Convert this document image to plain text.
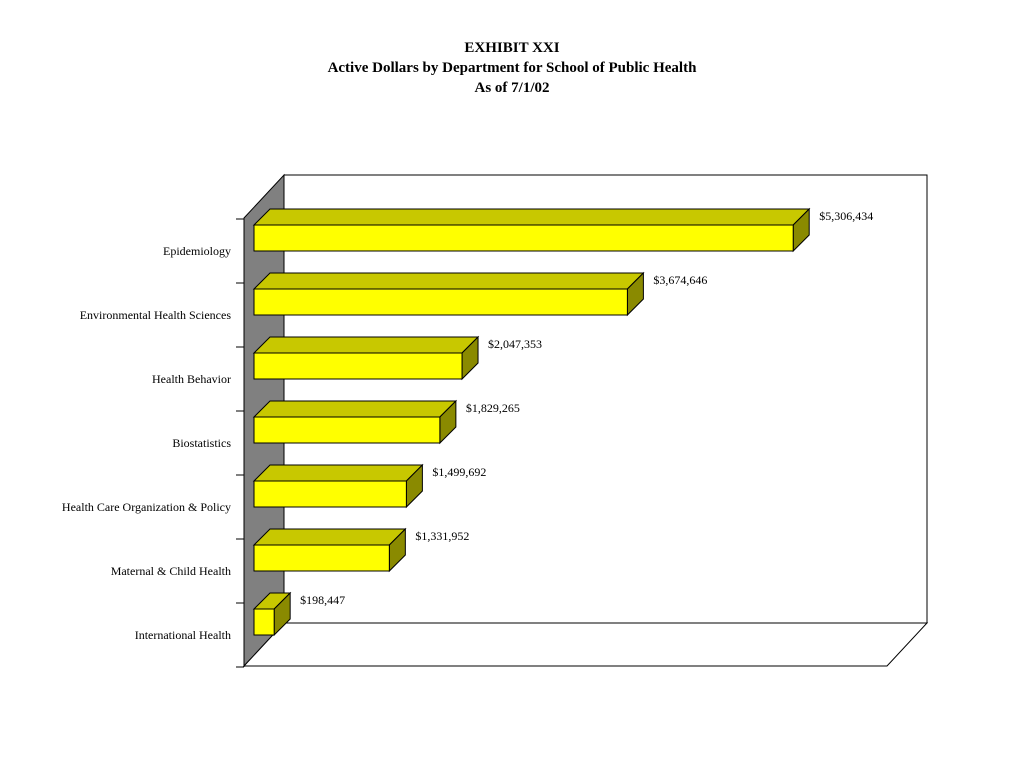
EXHIBIT XXI
Active Dollars by Department for School of Public Health
As of 7/1/02
Epidemiology
Environmental Health Sciences
Health Behavior
Biostatistics
Health Care Organization & Policy
Maternal & Child Health
International Health
$5,306,434
$3,674,646
$2,047,353
$1,829,265
$1,499,692
$1,331,952
$198,447
